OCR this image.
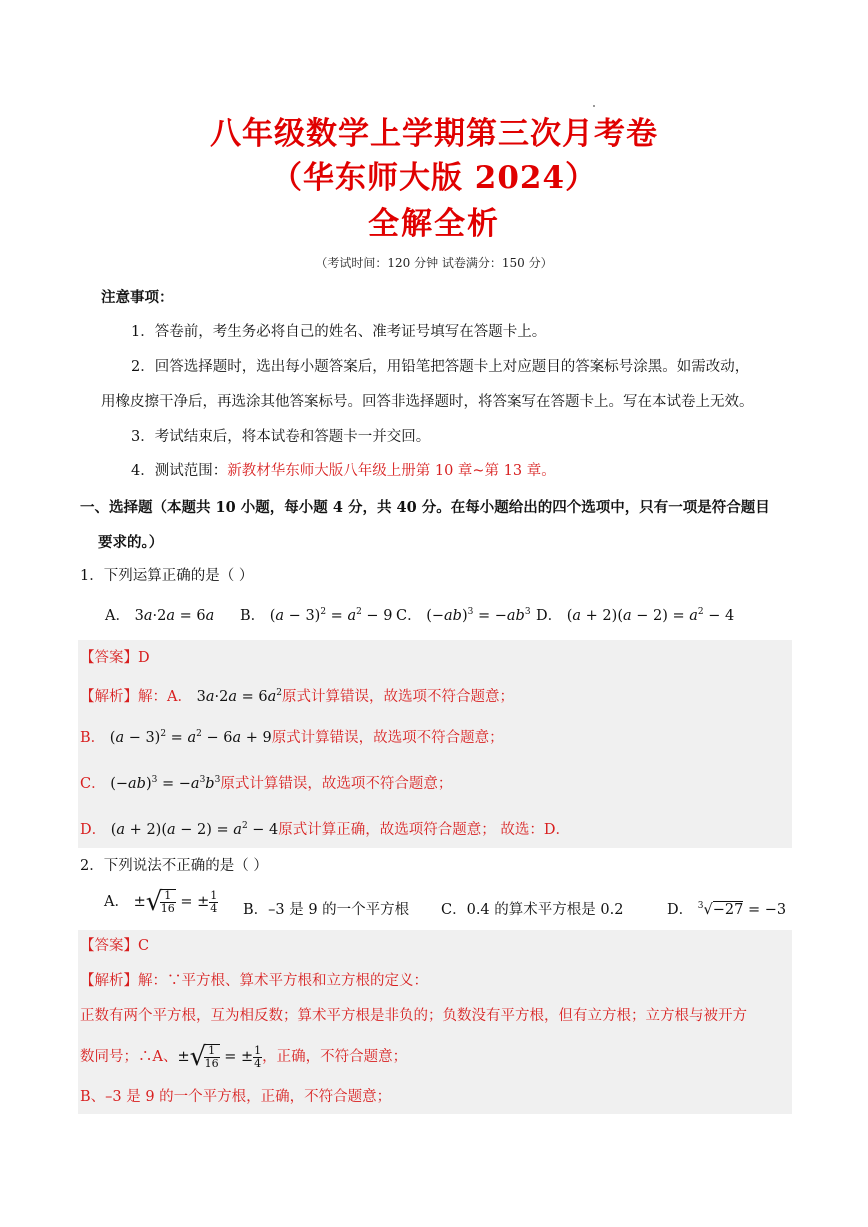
八年级数学上学期第三次月考卷
（华东师大版 2024）
全解全析
（考试时间：120 分钟 试卷满分：150 分）
注意事项：
1．答卷前，考生务必将自己的姓名、准考证号填写在答题卡上。
2．回答选择题时，选出每小题答案后，用铅笔把答题卡上对应题目的答案标号涂黑。如需改动，
用橡皮擦干净后，再选涂其他答案标号。回答非选择题时，将答案写在答题卡上。写在本试卷上无效。
3．考试结束后，将本试卷和答题卡一并交回。
4．测试范围：新教材华东师大版八年级上册第 10 章~第 13 章。
一、选择题（本题共 10 小题，每小题 4 分，共 40 分。在每小题给出的四个选项中，只有一项是符合题目
要求的。）
1．下列运算正确的是（ ）
A． 3a·2a = 6a B． $(a - 3)^2 = a^2 - 9$ C． $(-ab)^3 = -ab^3$ D． $(a + 2)(a - 2) = a^2 - 4$
【答案】D
【解析】解：A． $3a\cdot 2a = 6a^2$原式计算错误，故选项不符合题意；
B． $(a - 3)^2 = a^2 - 6a + 9$原式计算错误，故选项不符合题意；
C． $(-ab)^3 = -a^3b^3$原式计算错误，故选项不符合题意；
D． $(a + 2)(a - 2) = a^2 - 4$原式计算正确，故选项符合题意； 故选：D．
2．下列说法不正确的是（ ）
A． ± √
$\frac{1}{16}$ = ± $\frac{1}{4}$ B．–3 是 9 的一个平方根 C．0.4 的算术平方根是 0.2	D． $^3$√−27 = −3
【答案】C
【解析】解：∵平方根、算术平方根和立方根的定义：
正数有两个平方根，互为相反数；算术平方根是非负的；负数没有平方根，但有立方根；立方根与被开方
数同号；∴A、± √
$\frac{1}{16}$ = ± $\frac{1}{4}$ ，正确，不符合题意；
B、–3 是 9 的一个平方根，正确，不符合题意；
